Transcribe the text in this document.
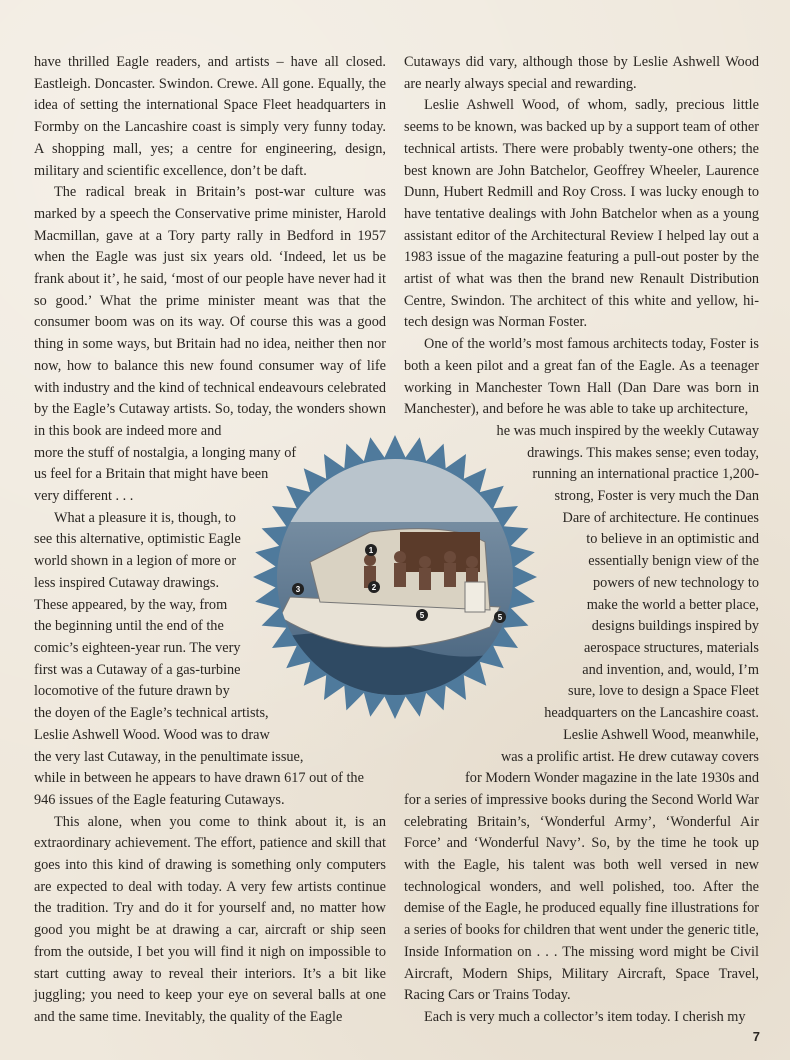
have thrilled Eagle readers, and artists – have all closed. Eastleigh. Doncaster. Swindon. Crewe. All gone. Equally, the idea of setting the international Space Fleet headquarters in Formby on the Lancashire coast is simply very funny today. A shopping mall, yes; a centre for engineering, design, military and scientific excellence, don’t be daft.

The radical break in Britain’s post-war culture was marked by a speech the Conservative prime minister, Harold Macmillan, gave at a Tory party rally in Bedford in 1957 when the Eagle was just six years old. ‘Indeed, let us be frank about it’, he said, ‘most of our people have never had it so good.’ What the prime minister meant was that the consumer boom was on its way. Of course this was a good thing in some ways, but Britain had no idea, neither then nor now, how to balance this new found consumer way of life with industry and the kind of technical endeavours celebrated by the Eagle’s Cutaway artists. So, today, the wonders shown in this book are indeed more and

more the stuff of nostalgia, a longing many of
us feel for a Britain that might have been
very different . . .
What a pleasure it is, though, to
see this alternative, optimistic Eagle
world shown in a legion of more or
less inspired Cutaway drawings.
These appeared, by the way, from
the beginning until the end of the
comic’s eighteen-year run. The very
first was a Cutaway of a gas-turbine
locomotive of the future drawn by
the doyen of the Eagle’s technical artists,
Leslie Ashwell Wood. Wood was to draw
the very last Cutaway, in the penultimate issue,
while in between he appears to have drawn 617 out of the
946 issues of the Eagle featuring Cutaways.

This alone, when you come to think about it, is an extraordinary achievement. The effort, patience and skill that goes into this kind of drawing is something only computers are expected to deal with today. A very few artists continue the tradition. Try and do it for yourself and, no matter how good you might be at drawing a car, aircraft or ship seen from the outside, I bet you will find it nigh on impossible to start cutting away to reveal their interiors. It’s a bit like juggling; you need to keep your eye on several balls at one and the same time. Inevitably, the quality of the Eagle

Cutaways did vary, although those by Leslie Ashwell Wood are nearly always special and rewarding.

Leslie Ashwell Wood, of whom, sadly, precious little seems to be known, was backed up by a support team of other technical artists. There were probably twenty-one others; the best known are John Batchelor, Geoffrey Wheeler, Laurence Dunn, Hubert Redmill and Roy Cross. I was lucky enough to have tentative dealings with John Batchelor when as a young assistant editor of the Architectural Review I helped lay out a 1983 issue of the magazine featuring a pull-out poster by the artist of what was then the brand new Renault Distribution Centre, Swindon. The architect of this white and yellow, hi-tech design was Norman Foster.

One of the world’s most famous architects today, Foster is both a keen pilot and a great fan of the Eagle. As a teenager working in Manchester Town Hall (Dan Dare was born in Manchester), and before he was able to take up architecture,

he was much inspired by the weekly Cutaway
drawings. This makes sense; even today,
running an international practice 1,200-
strong, Foster is very much the Dan
Dare of architecture. He continues
to believe in an optimistic and
essentially benign view of the
powers of new technology to
make the world a better place,
designs buildings inspired by
aerospace structures, materials
and invention, and, would, I’m
sure, love to design a Space Fleet
headquarters on the Lancashire coast.
Leslie Ashwell Wood, meanwhile,
was a prolific artist. He drew cutaway covers
for Modern Wonder magazine in the late 1930s and

for a series of impressive books during the Second World War celebrating Britain’s, ‘Wonderful Army’, ‘Wonderful Air Force’ and ‘Wonderful Navy’. So, by the time he took up with the Eagle, his talent was both well versed in new technological wonders, and well polished, too. After the demise of the Eagle, he produced equally fine illustrations for a series of books for children that went under the generic title, Inside Information on . . . The missing word might be Civil Aircraft, Modern Ships, Military Aircraft, Space Travel, Racing Cars or Trains Today.

Each is very much a collector’s item today. I cherish my

1
2
3
5	5
7
